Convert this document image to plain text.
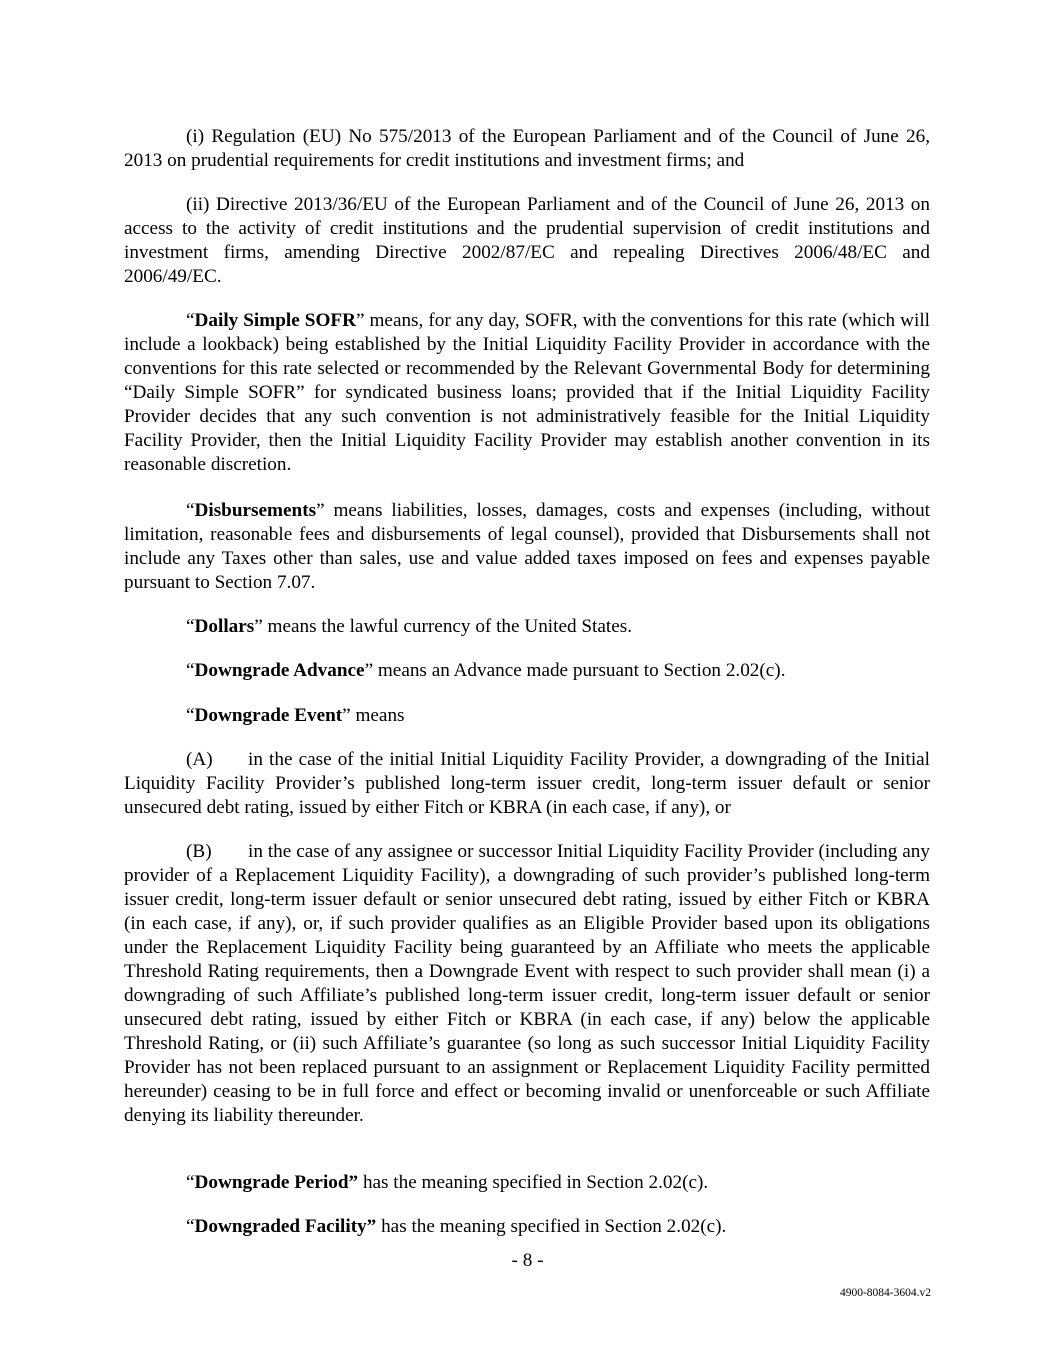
(i) Regulation (EU) No 575/2013 of the European Parliament and of the Council of June 26, 2013 on prudential requirements for credit institutions and investment firms; and

(ii) Directive 2013/36/EU of the European Parliament and of the Council of June 26, 2013 on access to the activity of credit institutions and the prudential supervision of credit institutions and investment firms, amending Directive 2002/87/EC and repealing Directives 2006/48/EC and 2006/49/EC.

“Daily Simple SOFR” means, for any day, SOFR, with the conventions for this rate (which will include a lookback) being established by the Initial Liquidity Facility Provider in accordance with the conventions for this rate selected or recommended by the Relevant Governmental Body for determining “Daily Simple SOFR” for syndicated business loans; provided that if the Initial Liquidity Facility Provider decides that any such convention is not administratively feasible for the Initial Liquidity Facility Provider, then the Initial Liquidity Facility Provider may establish another convention in its reasonable discretion.

“Disbursements” means liabilities, losses, damages, costs and expenses (including, without limitation, reasonable fees and disbursements of legal counsel), provided that Disbursements shall not include any Taxes other than sales, use and value added taxes imposed on fees and expenses payable pursuant to Section 7.07.

“Dollars” means the lawful currency of the United States.

“Downgrade Advance” means an Advance made pursuant to Section 2.02(c).

“Downgrade Event” means

(A) in the case of the initial Initial Liquidity Facility Provider, a downgrading of the Initial Liquidity Facility Provider’s published long-term issuer credit, long-term issuer default or senior unsecured debt rating, issued by either Fitch or KBRA (in each case, if any), or

(B) in the case of any assignee or successor Initial Liquidity Facility Provider (including any provider of a Replacement Liquidity Facility), a downgrading of such provider’s published long-term issuer credit, long-term issuer default or senior unsecured debt rating, issued by either Fitch or KBRA (in each case, if any), or, if such provider qualifies as an Eligible Provider based upon its obligations under the Replacement Liquidity Facility being guaranteed by an Affiliate who meets the applicable Threshold Rating requirements, then a Downgrade Event with respect to such provider shall mean (i) a downgrading of such Affiliate’s published long-term issuer credit, long-term issuer default or senior unsecured debt rating, issued by either Fitch or KBRA (in each case, if any) below the applicable Threshold Rating, or (ii) such Affiliate’s guarantee (so long as such successor Initial Liquidity Facility Provider has not been replaced pursuant to an assignment or Replacement Liquidity Facility permitted hereunder) ceasing to be in full force and effect or becoming invalid or unenforceable or such Affiliate denying its liability thereunder.

“Downgrade Period” has the meaning specified in Section 2.02(c).

“Downgraded Facility” has the meaning specified in Section 2.02(c).

- 8 -
4900-8084-3604.v2
